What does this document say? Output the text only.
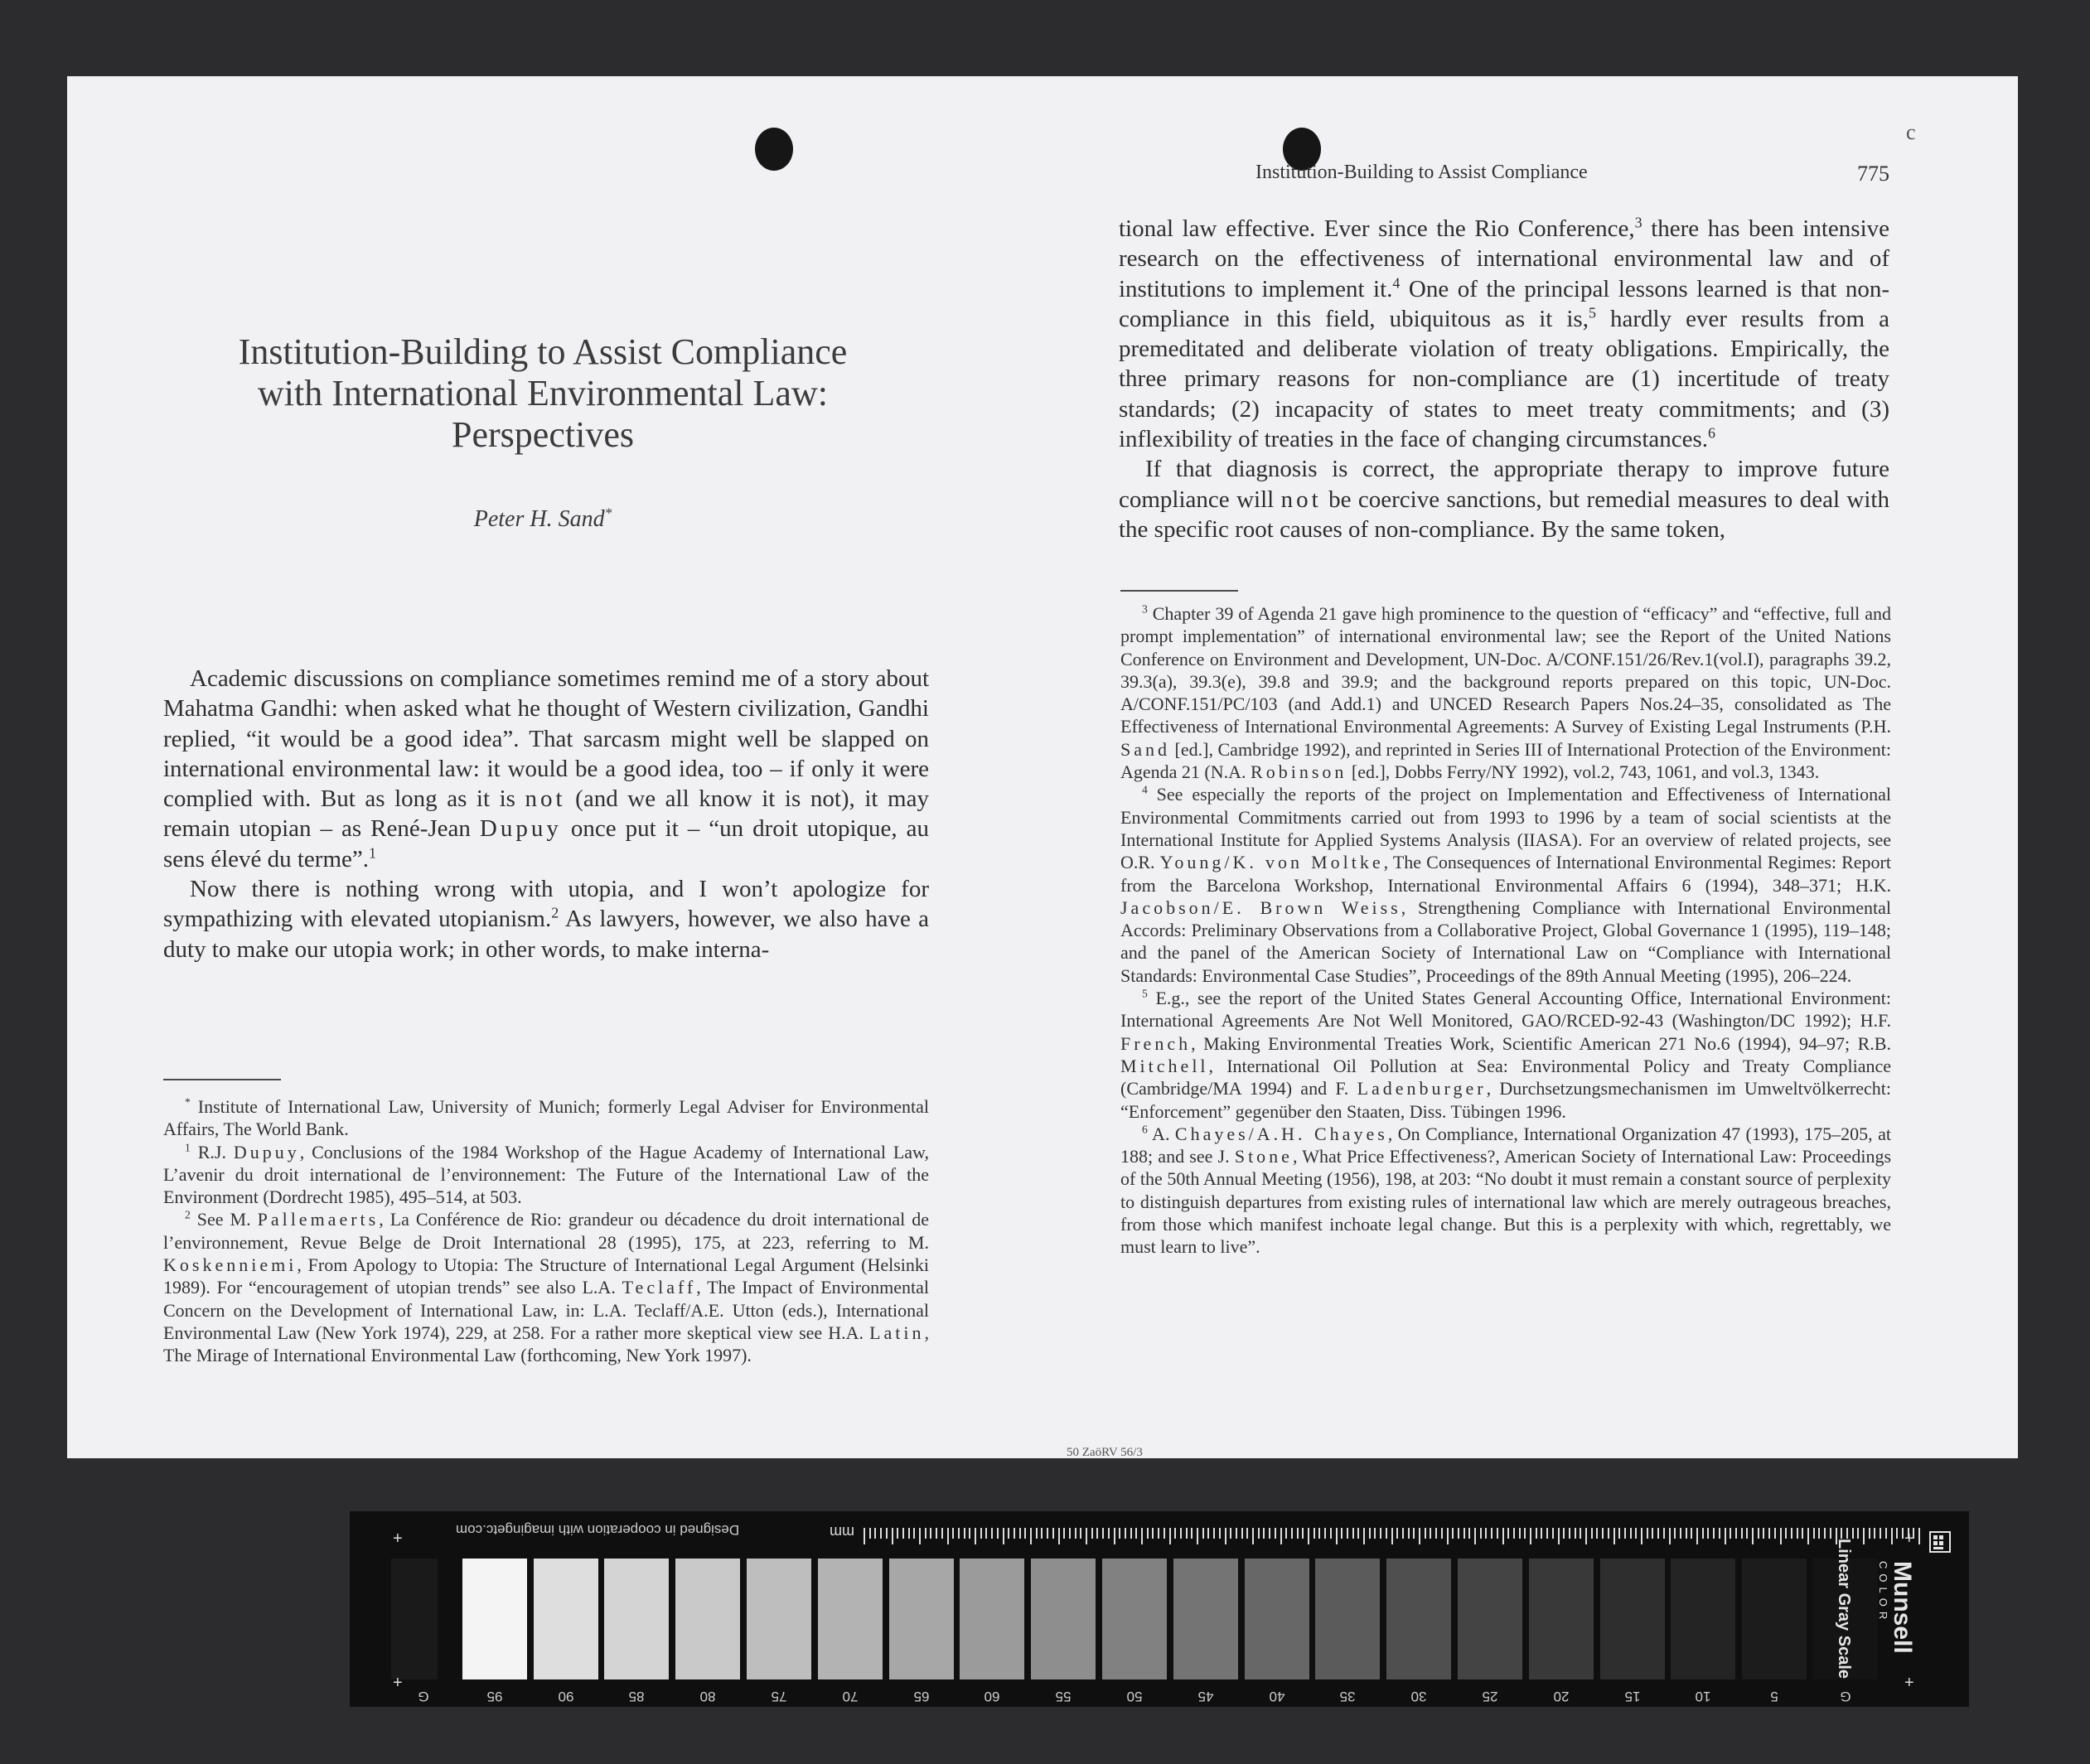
c
Institution-Building to Assist Compliance
with International Environmental Law:
Perspectives
Peter H. Sand*

Academic discussions on compliance sometimes remind me of a story about Mahatma Gandhi: when asked what he thought of Western civilization, Gandhi replied, “it would be a good idea”. That sarcasm might well be slapped on international environmental law: it would be a good idea, too – if only it were complied with. But as long as it is not (and we all know it is not), it may remain utopian – as René-Jean Dupuy once put it – “un droit utopique, au sens élevé du terme”.$^1$

Now there is nothing wrong with utopia, and I won’t apologize for sympathizing with elevated utopianism.$^2$ As lawyers, however, we also have a duty to make our utopia work; in other words, to make interna-

* Institute of International Law, University of Munich; formerly Legal Adviser for Environmental Affairs, The World Bank.

$^1$ R.J. Dupuy, Conclusions of the 1984 Workshop of the Hague Academy of International Law, L’avenir du droit international de l’environnement: The Future of the International Law of the Environment (Dordrecht 1985), 495–514, at 503.

$^2$ See M. Pallemaerts, La Conférence de Rio: grandeur ou décadence du droit international de l’environnement, Revue Belge de Droit International 28 (1995), 175, at 223, referring to M. Koskenniemi, From Apology to Utopia: The Structure of International Legal Argument (Helsinki 1989). For “encouragement of utopian trends” see also L.A. Teclaff, The Impact of Environmental Concern on the Development of International Law, in: L.A. Teclaff/A.E. Utton (eds.), International Environmental Law (New York 1974), 229, at 258. For a rather more skeptical view see H.A. Latin, The Mirage of International Environmental Law (forthcoming, New York 1997).

Institution-Building to Assist Compliance	775

tional law effective. Ever since the Rio Conference,$^3$ there has been intensive research on the effectiveness of international environmental law and of institutions to implement it.$^4$ One of the principal lessons learned is that non-compliance in this field, ubiquitous as it is,$^5$ hardly ever results from a premeditated and deliberate violation of treaty obligations. Empirically, the three primary reasons for non-compliance are (1) incertitude of treaty standards; (2) incapacity of states to meet treaty commitments; and (3) inflexibility of treaties in the face of changing circumstances.$^6$

If that diagnosis is correct, the appropriate therapy to improve future compliance will not be coercive sanctions, but remedial measures to deal with the specific root causes of non-compliance. By the same token,

$^3$ Chapter 39 of Agenda 21 gave high prominence to the question of “efficacy” and “effective, full and prompt implementation” of international environmental law; see the Report of the United Nations Conference on Environment and Development, UN-Doc. A/CONF.151/26/Rev.1(vol.I), paragraphs 39.2, 39.3(a), 39.3(e), 39.8 and 39.9; and the background reports prepared on this topic, UN-Doc. A/CONF.151/PC/103 (and Add.1) and UNCED Research Papers Nos.24–35, consolidated as The Effectiveness of International Environmental Agreements: A Survey of Existing Legal Instruments (P.H. Sand [ed.], Cambridge 1992), and reprinted in Series III of International Protection of the Environment: Agenda 21 (N.A. Robinson [ed.], Dobbs Ferry/NY 1992), vol.2, 743, 1061, and vol.3, 1343.

$^4$ See especially the reports of the project on Implementation and Effectiveness of International Environmental Commitments carried out from 1993 to 1996 by a team of social scientists at the International Institute for Applied Systems Analysis (IIASA). For an overview of related projects, see O.R. Young/K. von Moltke, The Consequences of International Environmental Regimes: Report from the Barcelona Workshop, International Environmental Affairs 6 (1994), 348–371; H.K. Jacobson/E. Brown Weiss, Strengthening Compliance with International Environmental Accords: Preliminary Observations from a Collaborative Project, Global Governance 1 (1995), 119–148; and the panel of the American Society of International Law on “Compliance with International Standards: Environmental Case Studies”, Proceedings of the 89th Annual Meeting (1995), 206–224.

$^5$ E.g., see the report of the United States General Accounting Office, International Environment: International Agreements Are Not Well Monitored, GAO/RCED-92-43 (Washington/DC 1992); H.F. French, Making Environmental Treaties Work, Scientific American 271 No.6 (1994), 94–97; R.B. Mitchell, International Oil Pollution at Sea: Environmental Policy and Treaty Compliance (Cambridge/MA 1994) and F. Ladenburger, Durchsetzungsmechanismen im Umweltvölkerrecht: “Enforcement” gegenüber den Staaten, Diss. Tübingen 1996.

$^6$ A. Chayes/A.H. Chayes, On Compliance, International Organization 47 (1993), 175–205, at 188; and see J. Stone, What Price Effectiveness?, American Society of International Law: Proceedings of the 50th Annual Meeting (1956), 198, at 203: “No doubt it must remain a constant source of perplexity to distinguish departures from existing rules of international law which are merely outrageous breaches, from those which manifest inchoate legal change. But this is a perplexity with which, regrettably, we must learn to live”.

50 ZaöRV 56/3
Designed in cooperation with imagingetc.com	mm
G	95	90	85	80	75	70	65	60	55	50	45	40	35	30	25	20	15	10	5	G
+
+
+
+
Linear Gray Scale Munsell
COLOR
